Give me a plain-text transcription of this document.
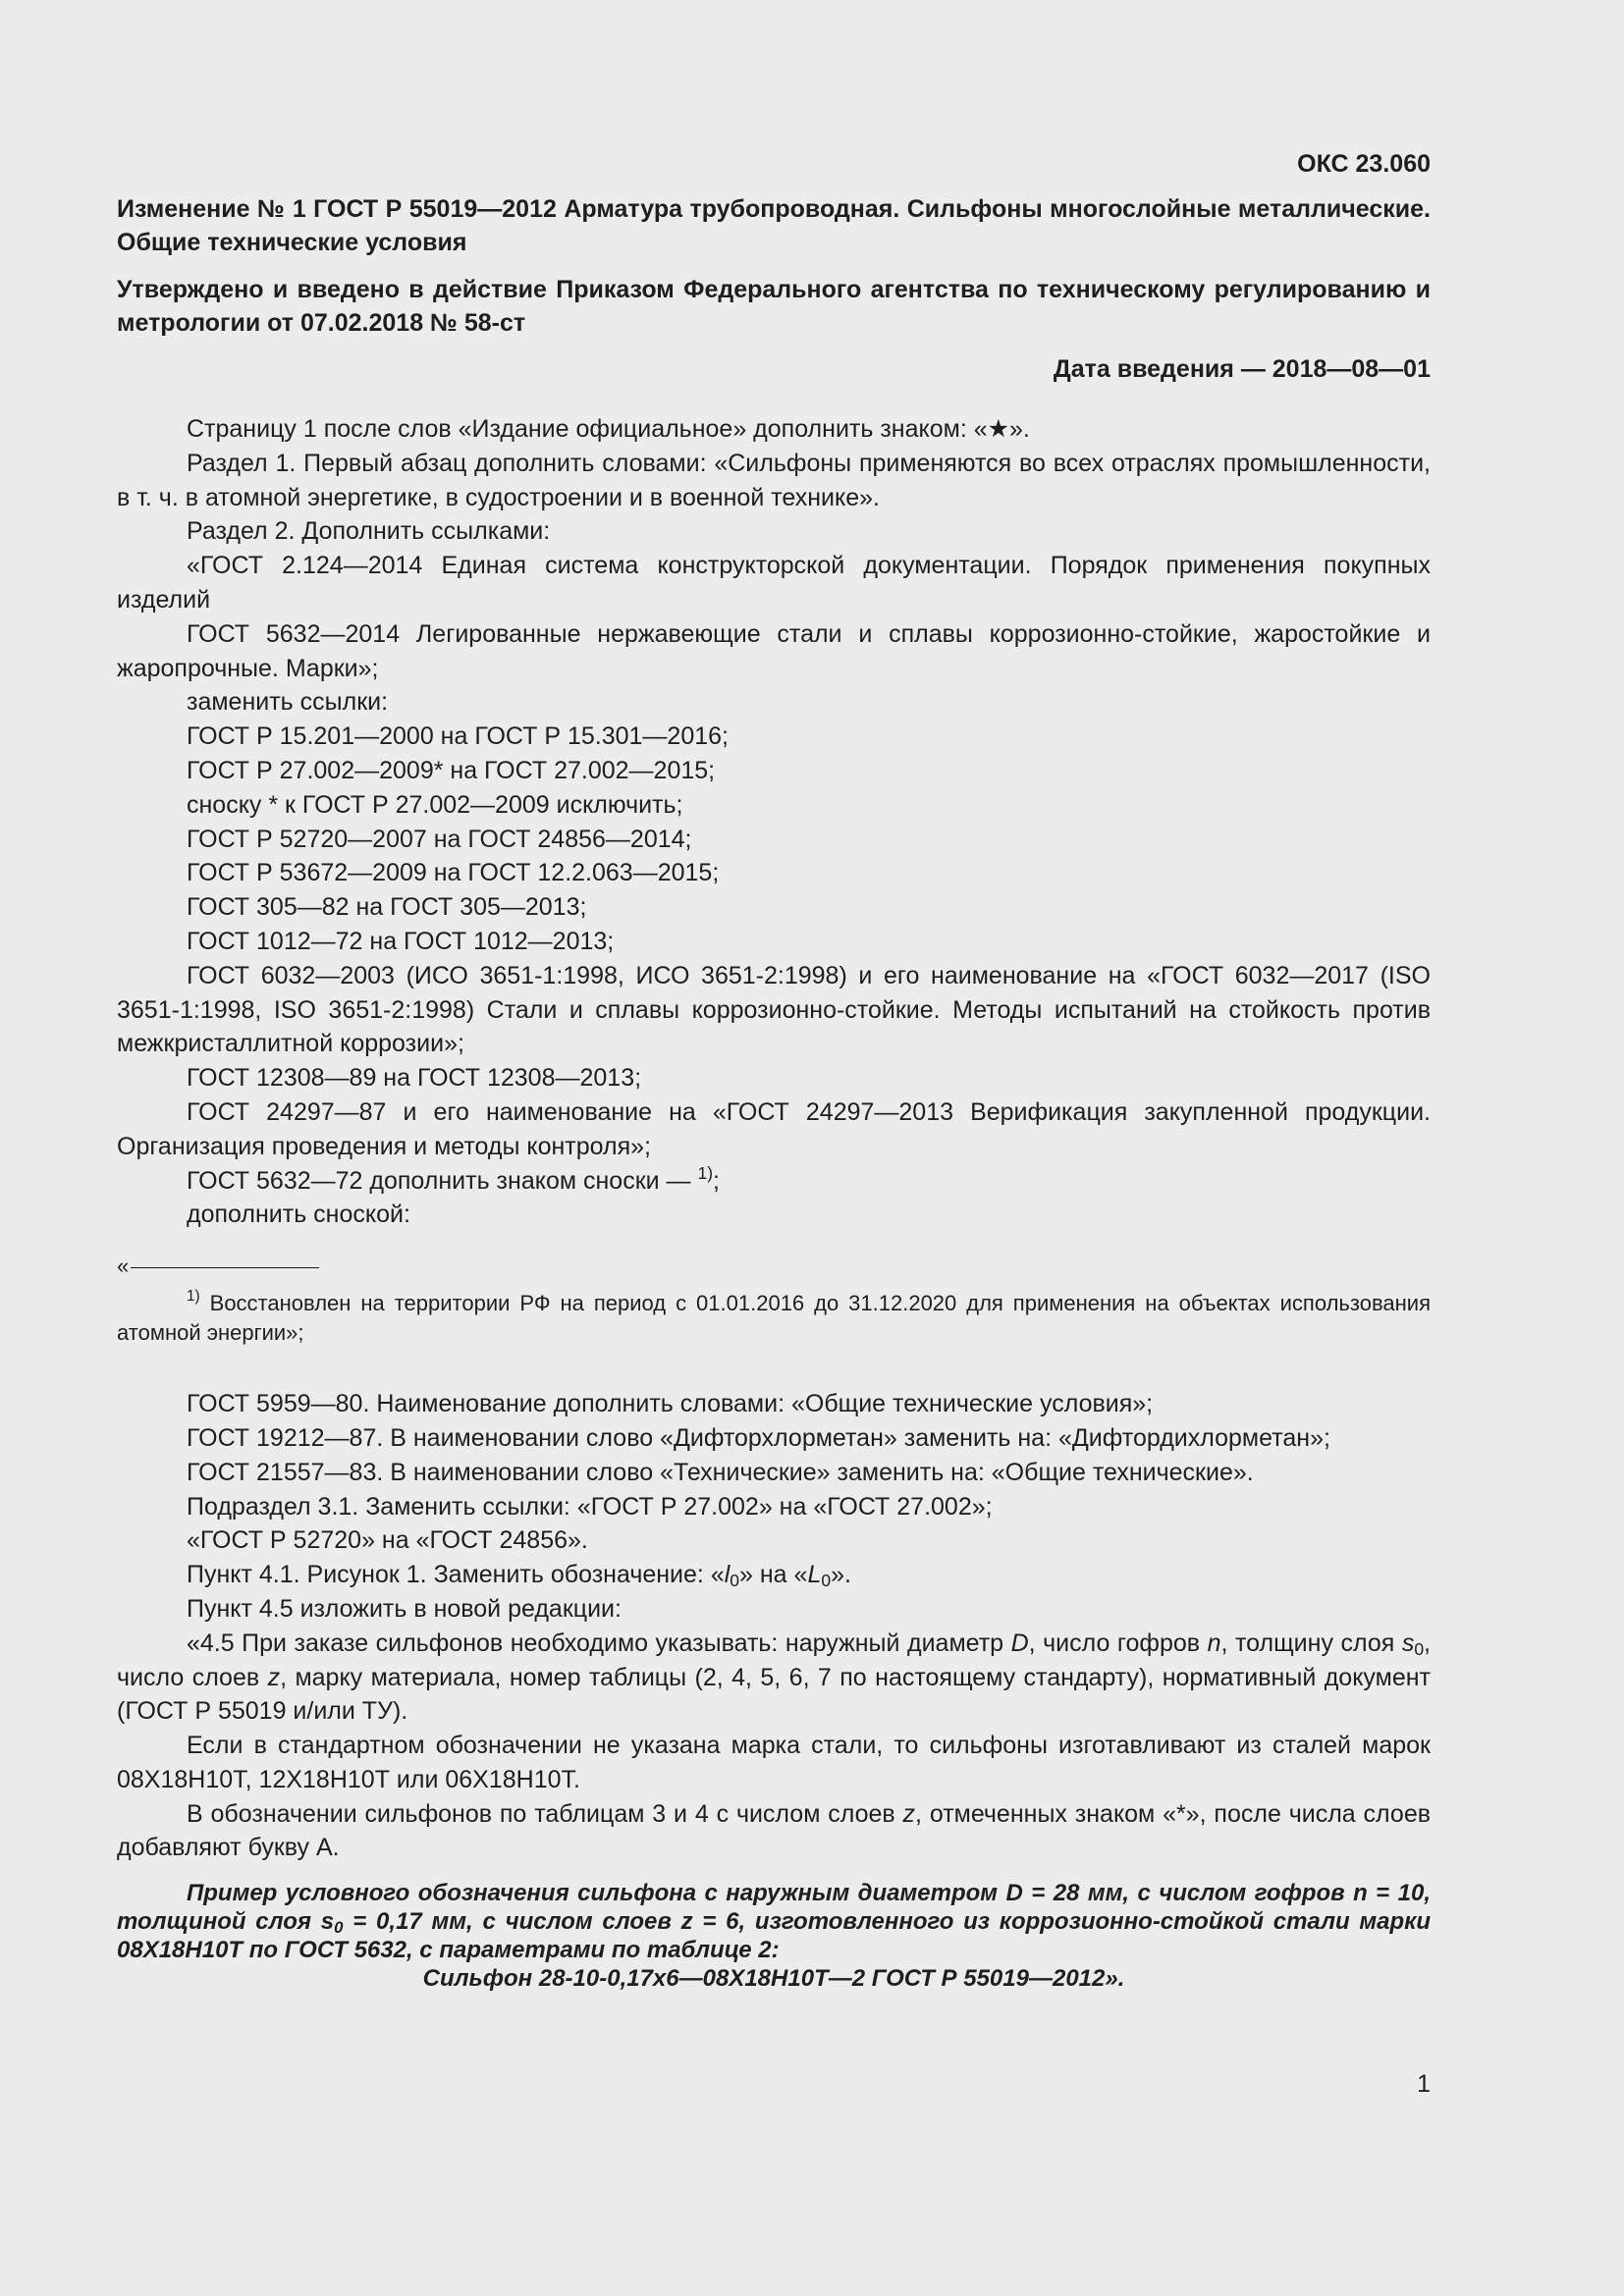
ОКС 23.060
Изменение № 1 ГОСТ Р 55019—2012 Арматура трубопроводная. Сильфоны многослойные металлические. Общие технические условия
Утверждено и введено в действие Приказом Федерального агентства по техническому регулированию и метрологии от 07.02.2018 № 58-ст
Дата введения — 2018—08—01

Страницу 1 после слов «Издание официальное» дополнить знаком: «★».

Раздел 1. Первый абзац дополнить словами: «Сильфоны применяются во всех отраслях промышленности, в т. ч. в атомной энергетике, в судостроении и в военной технике».

Раздел 2. Дополнить ссылками:

«ГОСТ 2.124—2014 Единая система конструкторской документации. Порядок применения покупных изделий

ГОСТ 5632—2014 Легированные нержавеющие стали и сплавы коррозионно-стойкие, жаростойкие и жаропрочные. Марки»;

заменить ссылки:

ГОСТ Р 15.201—2000 на ГОСТ Р 15.301—2016;

ГОСТ Р 27.002—2009* на ГОСТ 27.002—2015;

сноску * к ГОСТ Р 27.002—2009 исключить;

ГОСТ Р 52720—2007 на ГОСТ 24856—2014;

ГОСТ Р 53672—2009 на ГОСТ 12.2.063—2015;

ГОСТ 305—82 на ГОСТ 305—2013;

ГОСТ 1012—72 на ГОСТ 1012—2013;

ГОСТ 6032—2003 (ИСО 3651-1:1998, ИСО 3651-2:1998) и его наименование на «ГОСТ 6032—2017 (ISO 3651-1:1998, ISO 3651-2:1998) Стали и сплавы коррозионно-стойкие. Методы испытаний на стойкость против межкристаллитной коррозии»;

ГОСТ 12308—89 на ГОСТ 12308—2013;

ГОСТ 24297—87 и его наименование на «ГОСТ 24297—2013 Верификация закупленной продукции. Организация проведения и методы контроля»;

ГОСТ 5632—72 дополнить знаком сноски — $^{1)}$;

дополнить сноской:

«
$^{1)}$ Восстановлен на территории РФ на период с 01.01.2016 до 31.12.2020 для применения на объектах использования атомной энергии»;

ГОСТ 5959—80. Наименование дополнить словами: «Общие технические условия»;

ГОСТ 19212—87. В наименовании слово «Дифторхлорметан» заменить на: «Дифтордихлорметан»;

ГОСТ 21557—83. В наименовании слово «Технические» заменить на: «Общие технические».

Подраздел 3.1. Заменить ссылки: «ГОСТ Р 27.002» на «ГОСТ 27.002»;

«ГОСТ Р 52720» на «ГОСТ 24856».

Пункт 4.1. Рисунок 1. Заменить обозначение: «$l_0$» на «$L_0$».

Пункт 4.5 изложить в новой редакции:

«4.5 При заказе сильфонов необходимо указывать: наружный диаметр D, число гофров n, толщину слоя $s_0$, число слоев z, марку материала, номер таблицы (2, 4, 5, 6, 7 по настоящему стандарту), нормативный документ (ГОСТ Р 55019 и/или ТУ).

Если в стандартном обозначении не указана марка стали, то сильфоны изготавливают из сталей марок 08Х18Н10Т, 12Х18Н10Т или 06Х18Н10Т.

В обозначении сильфонов по таблицам 3 и 4 с числом слоев z, отмеченных знаком «*», после числа слоев добавляют букву А.

Пример условного обозначения сильфона с наружным диаметром D = 28 мм, с числом гофров n = 10, толщиной слоя $s_0 = 0,17$ мм, с числом слоев z = 6, изготовленного из коррозионно-стойкой стали марки 08Х18Н10Т по ГОСТ 5632, с параметрами по таблице 2:
Сильфон 28-10-0,17х6—08Х18Н10Т—2 ГОСТ Р 55019—2012».
1
